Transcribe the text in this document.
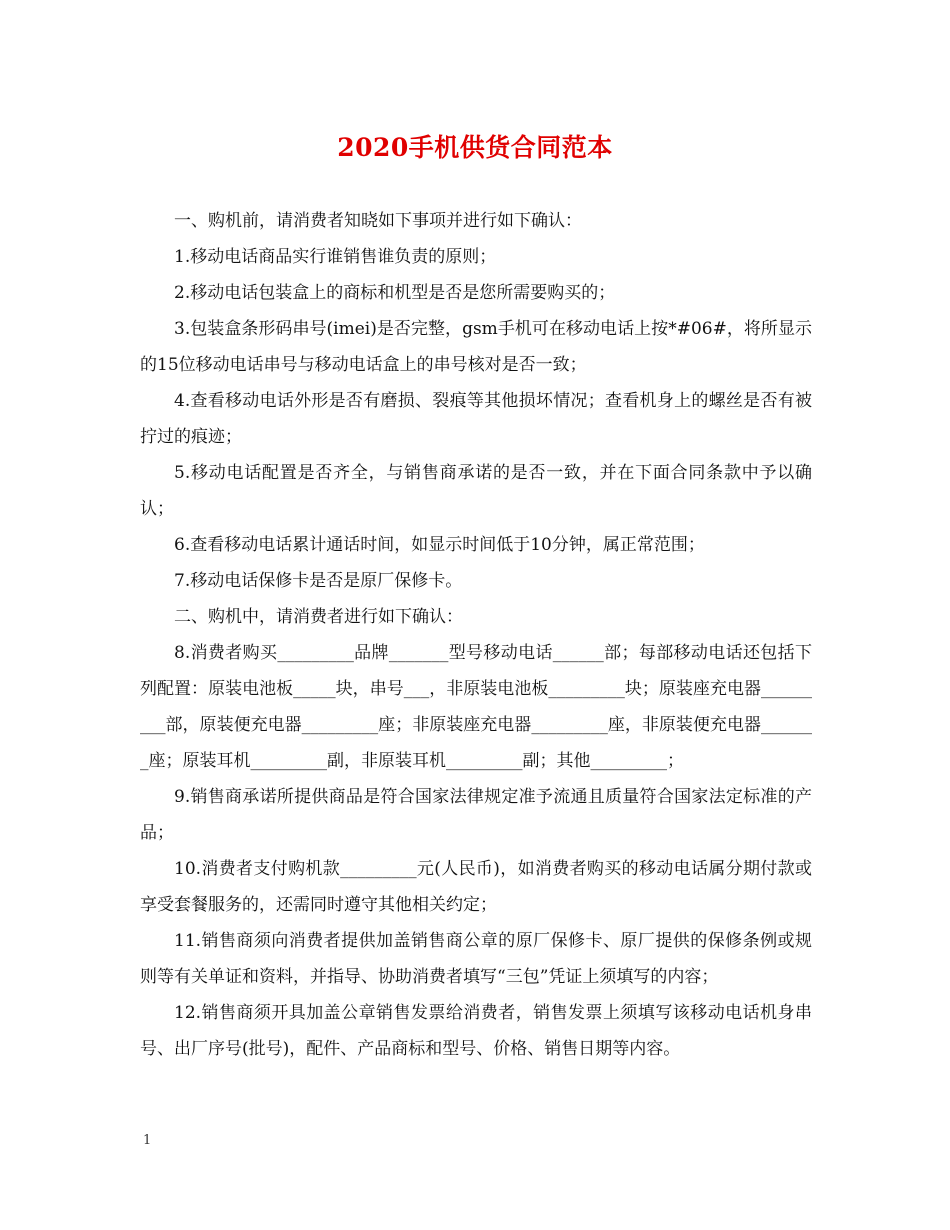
2020手机供货合同范本

一、购机前，请消费者知晓如下事项并进行如下确认：

1.移动电话商品实行谁销售谁负责的原则；

2.移动电话包装盒上的商标和机型是否是您所需要购买的；

3.包装盒条形码串号(imei)是否完整，gsm手机可在移动电话上按*#06#，将所显示的15位移动电话串号与移动电话盒上的串号核对是否一致；

4.查看移动电话外形是否有磨损、裂痕等其他损坏情况；查看机身上的螺丝是否有被拧过的痕迹；

5.移动电话配置是否齐全，与销售商承诺的是否一致，并在下面合同条款中予以确认；

6.查看移动电话累计通话时间，如显示时间低于10分钟，属正常范围；

7.移动电话保修卡是否是原厂保修卡。

二、购机中，请消费者进行如下确认：

8.消费者购买_________品牌_______型号移动电话______部；每部移动电话还包括下列配置：原装电池板_____块，串号___，非原装电池板_________块；原装座充电器_________部，原装便充电器_________座；非原装座充电器_________座，非原装便充电器_______座；原装耳机_________副，非原装耳机_________副；其他_________；

9.销售商承诺所提供商品是符合国家法律规定准予流通且质量符合国家法定标准的产品；

10.消费者支付购机款_________元(人民币)，如消费者购买的移动电话属分期付款或享受套餐服务的，还需同时遵守其他相关约定；

11.销售商须向消费者提供加盖销售商公章的原厂保修卡、原厂提供的保修条例或规则等有关单证和资料，并指导、协助消费者填写“三包”凭证上须填写的内容；

12.销售商须开具加盖公章销售发票给消费者，销售发票上须填写该移动电话机身串号、出厂序号(批号)，配件、产品商标和型号、价格、销售日期等内容。

1
